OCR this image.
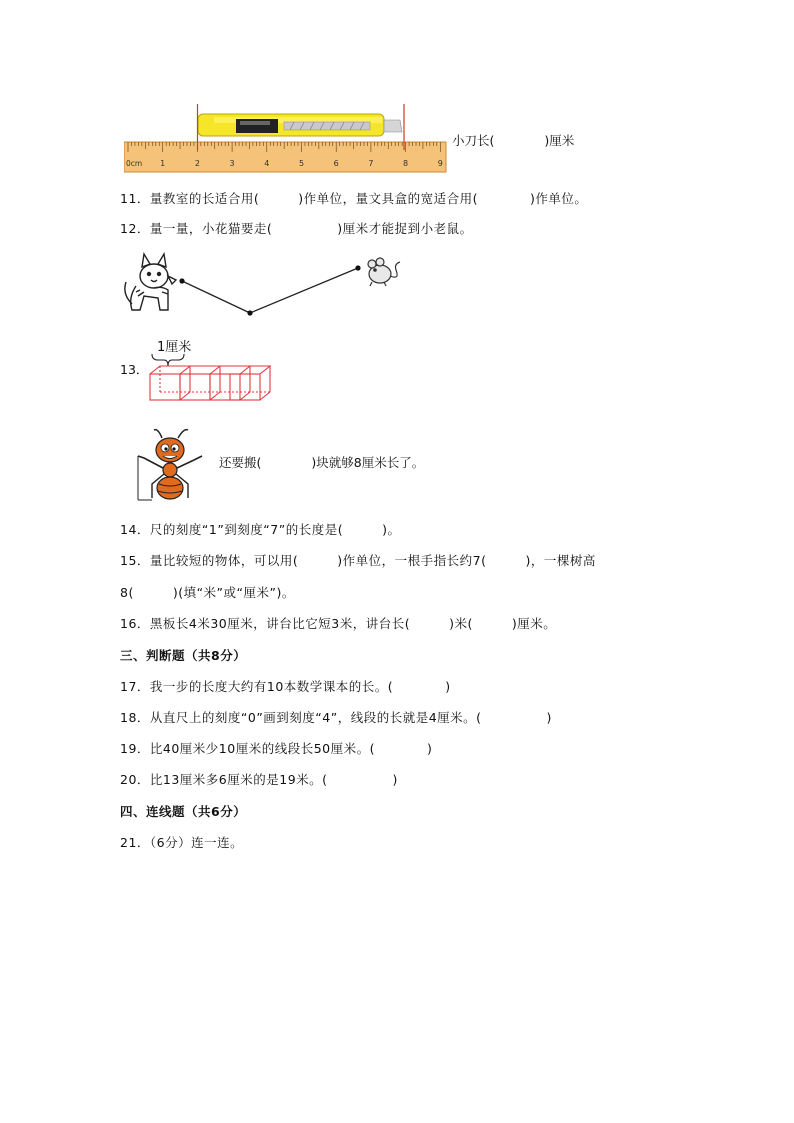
0cm 1	2	3	4	5	6	7	8	9
小刀长(　　　　)厘米
11．量教室的长适合用(　　　)作单位，量文具盒的宽适合用(　　　　)作单位。
12．量一量，小花猫要走(　　　　　)厘米才能捉到小老鼠。
13．
1厘米
还要搬(　　　　)块就够8厘米长了。
14．尺的刻度“1”到刻度“7”的长度是(　　　)。
15．量比较短的物体，可以用(　　　)作单位，一根手指长约7(　　　)，一棵树高
8(　　　)(填“米”或“厘米”)。
16．黑板长4米30厘米，讲台比它短3米，讲台长(　　　)米(　　　)厘米。
三、判断题（共8分）
17．我一步的长度大约有10本数学课本的长。(　　　　)
18．从直尺上的刻度“0”画到刻度“4”，线段的长就是4厘米。(　　　　　)
19．比40厘米少10厘米的线段长50厘米。(　　　　)
20．比13厘米多6厘米的是19米。(　　　　　)
四、连线题（共6分）
21．（6分）连一连。
